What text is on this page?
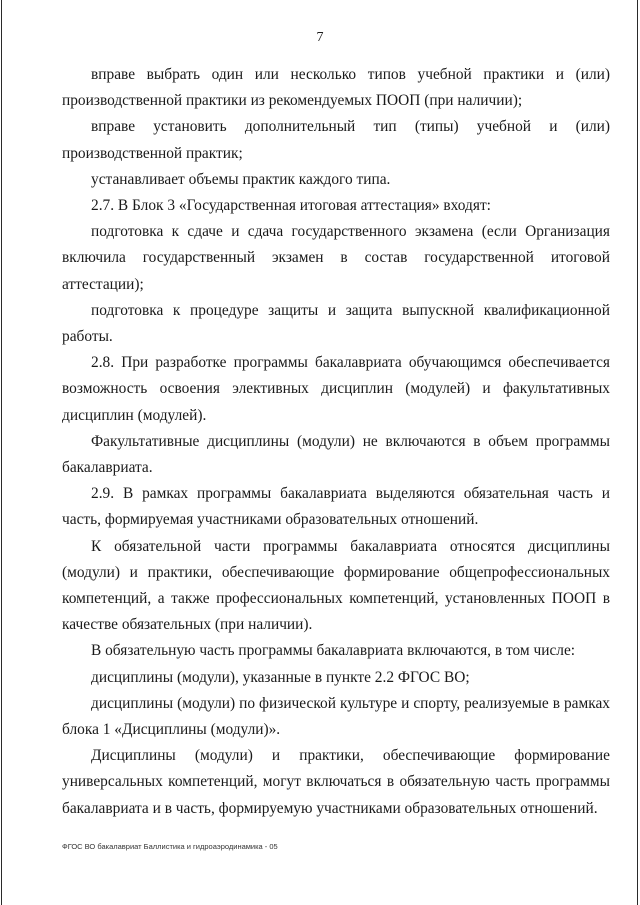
7

вправе выбрать один или несколько типов учебной практики и (или) производственной практики из рекомендуемых ПООП (при наличии);

вправе установить дополнительный тип (типы) учебной и (или) производственной практик;

устанавливает объемы практик каждого типа.

2.7. В Блок 3 «Государственная итоговая аттестация» входят:

подготовка к сдаче и сдача государственного экзамена (если Организация включила государственный экзамен в состав государственной итоговой аттестации);

подготовка к процедуре защиты и защита выпускной квалификационной работы.

2.8. При разработке программы бакалавриата обучающимся обеспечивается возможность освоения элективных дисциплин (модулей) и факультативных дисциплин (модулей).

Факультативные дисциплины (модули) не включаются в объем программы бакалавриата.

2.9. В рамках программы бакалавриата выделяются обязательная часть и часть, формируемая участниками образовательных отношений.

К обязательной части программы бакалавриата относятся дисциплины (модули) и практики, обеспечивающие формирование общепрофессиональных компетенций, а также профессиональных компетенций, установленных ПООП в качестве обязательных (при наличии).

В обязательную часть программы бакалавриата включаются, в том числе:

дисциплины (модули), указанные в пункте 2.2 ФГОС ВО;

дисциплины (модули) по физической культуре и спорту, реализуемые в рамках блока 1 «Дисциплины (модули)».

Дисциплины (модули) и практики, обеспечивающие формирование универсальных компетенций, могут включаться в обязательную часть программы бакалавриата и в часть, формируемую участниками образовательных отношений.

ФГОС ВО бакалавриат Баллистика и гидроаэродинамика - 05
